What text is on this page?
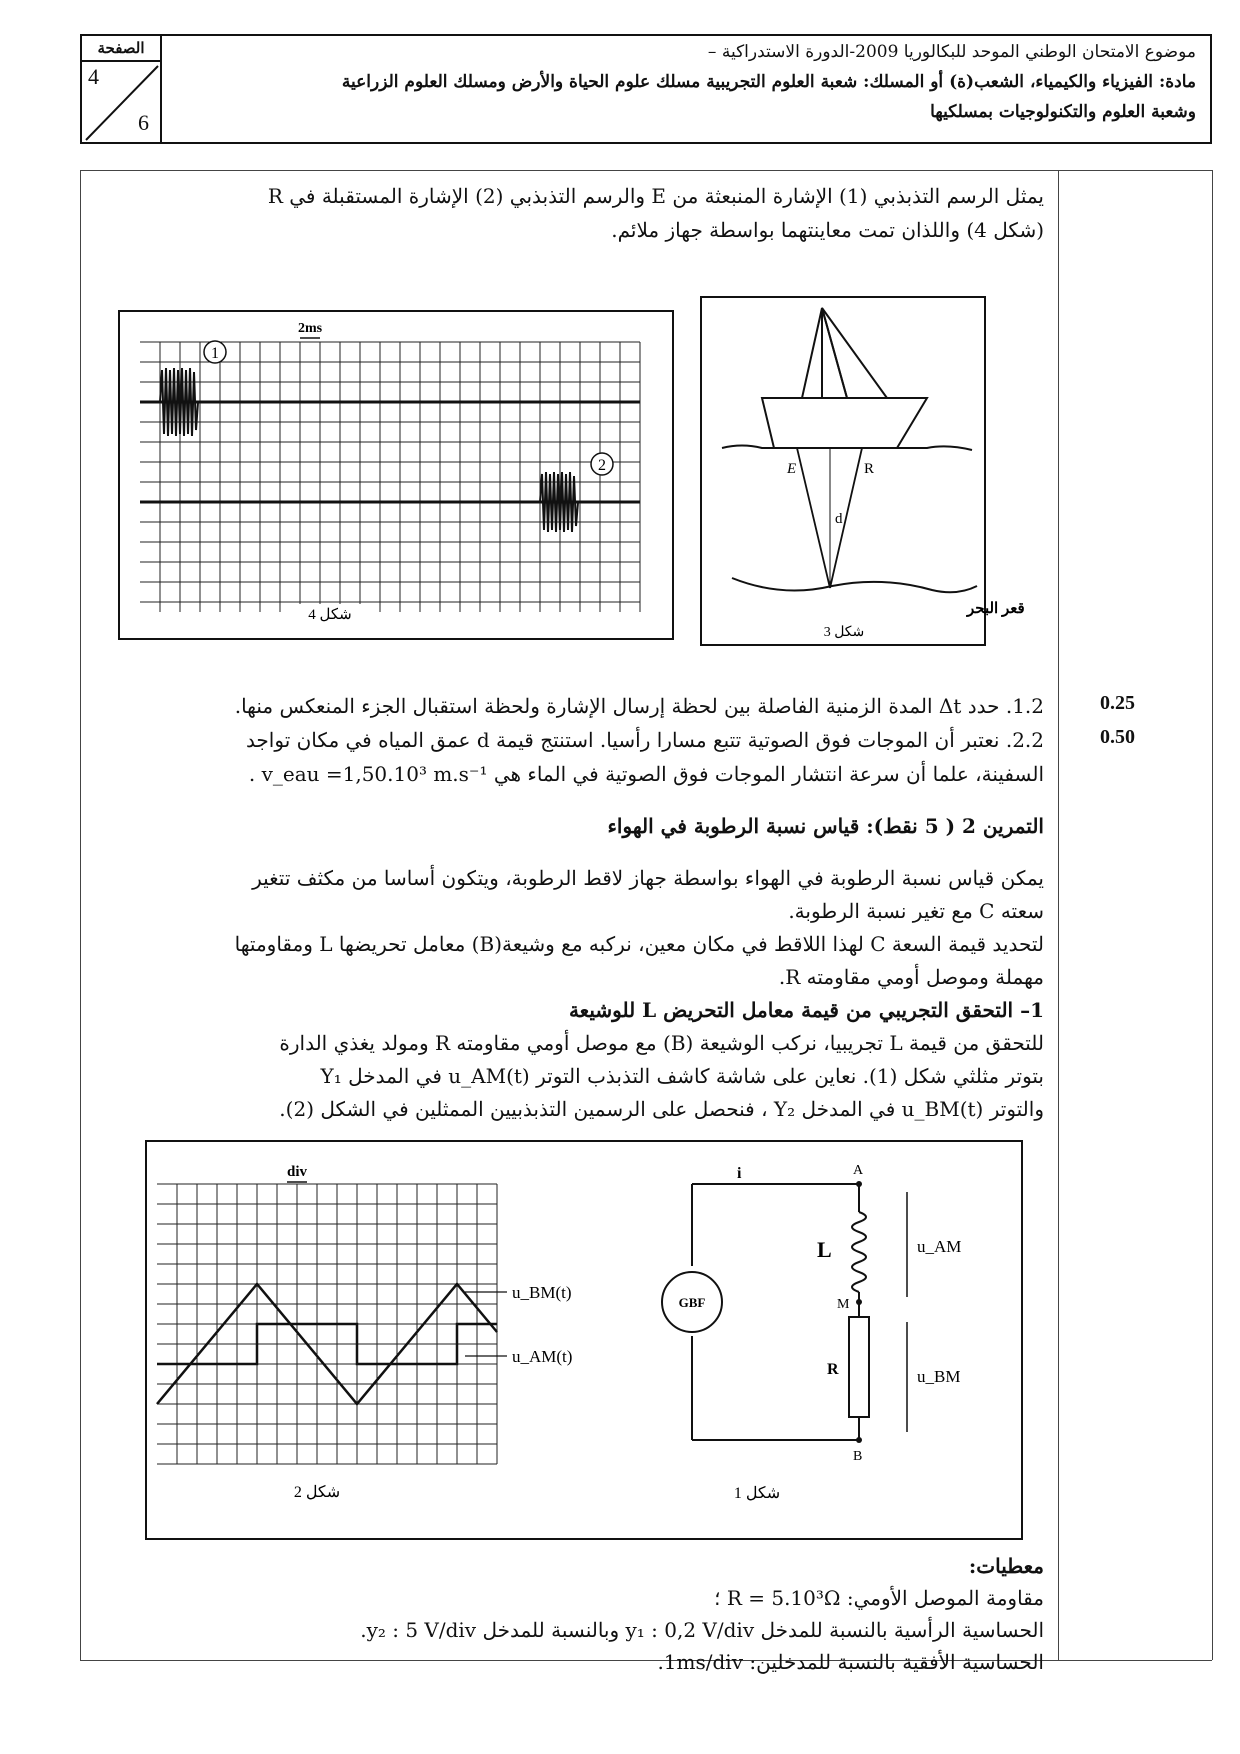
الصفحة
4
6
موضوع الامتحان الوطني الموحد للبكالوريا 2009-الدورة الاستدراكية –
مادة: الفيزياء والكيمياء، الشعب(ة) أو المسلك: شعبة العلوم التجريبية مسلك علوم الحياة والأرض ومسلك العلوم الزراعية
وشعبة العلوم والتكنولوجيات بمسلكيها
يمثل الرسم التذبذبي (1) الإشارة المنبعثة من E والرسم التذبذبي (2) الإشارة المستقبلة في R
(شكل 4) واللذان تمت معاينتهما بواسطة جهاز ملائم.
1
2
2ms
شكل 4
E	R
d
قعر البحر
شكل 3
1.2. حدد Δt المدة الزمنية الفاصلة بين لحظة إرسال الإشارة ولحظة استقبال الجزء المنعكس منها.	0.25
2.2. نعتبر أن الموجات فوق الصوتية تتبع مسارا رأسيا. استنتج قيمة d عمق المياه في مكان تواجد	0.50
السفينة، علما أن سرعة انتشار الموجات فوق الصوتية في الماء هي v_eau =1,50.10³ m.s⁻¹ .
التمرين 2 ( 5 نقط): قياس نسبة الرطوبة في الهواء
يمكن قياس نسبة الرطوبة في الهواء بواسطة جهاز لاقط الرطوبة، ويتكون أساسا من مكثف تتغير
سعته C مع تغير نسبة الرطوبة.
لتحديد قيمة السعة C لهذا اللاقط في مكان معين، نركبه مع وشيعة(B) معامل تحريضها L ومقاومتها
مهملة وموصل أومي مقاومته R.
1– التحقق التجريبي من قيمة معامل التحريض L للوشيعة
للتحقق من قيمة L تجريبيا، نركب الوشيعة (B) مع موصل أومي مقاومته R ومولد يغذي الدارة
بتوتر مثلثي شكل (1). نعاين على شاشة كاشف التذبذب التوتر u_AM(t) في المدخل Y₁
والتوتر u_BM(t) في المدخل Y₂ ، فنحصل على الرسمين التذبذبيين الممثلين في الشكل (2).
div
u_BM(t)
u_AM(t)
شكل 2
GBF
i	A
M
B
L
R
u_AM
u_BM
شكل 1
معطيات:
مقاومة الموصل الأومي: R = 5.10³Ω ؛
الحساسية الرأسية بالنسبة للمدخل y₁ : 0,2 V/div وبالنسبة للمدخل y₂ : 5 V/div.
الحساسية الأفقية بالنسبة للمدخلين: 1ms/div.
